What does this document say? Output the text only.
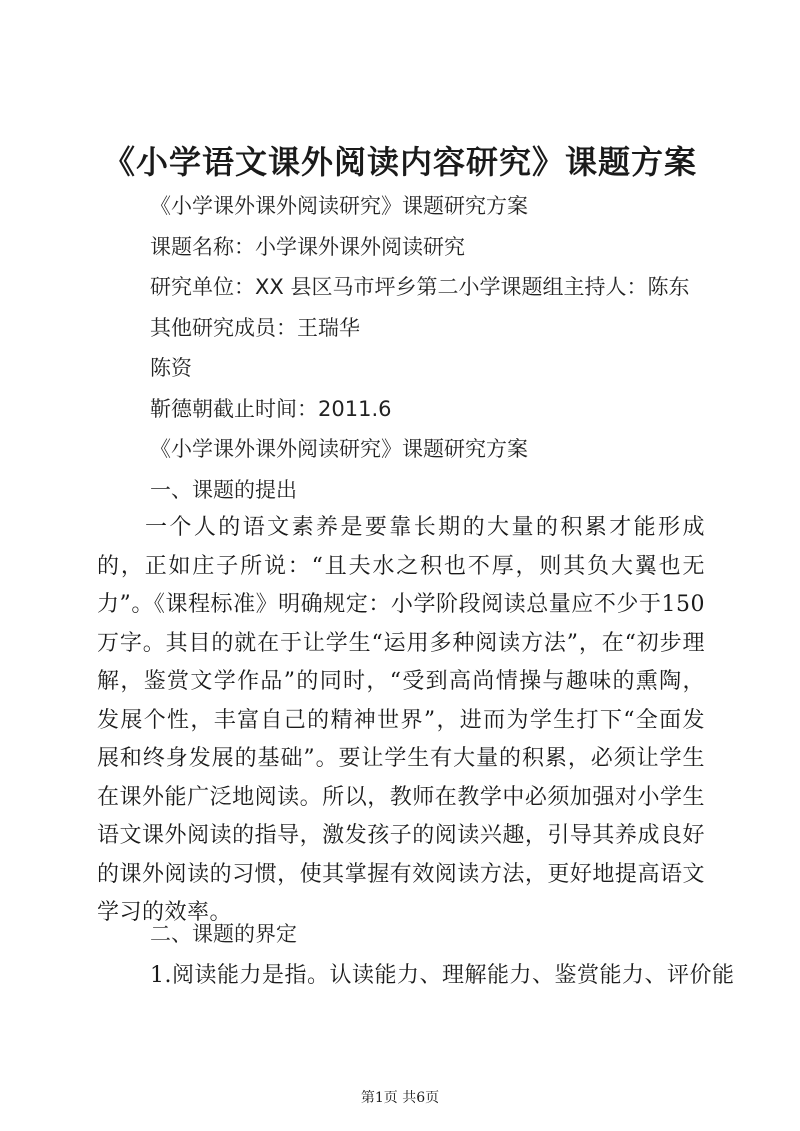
《小学语文课外阅读内容研究》课题方案

《小学课外课外阅读研究》课题研究方案

课题名称：小学课外课外阅读研究

研究单位：XX 县区马市坪乡第二小学课题组主持人：陈东

其他研究成员：王瑞华

陈资

靳德朝截止时间：2011.6

《小学课外课外阅读研究》课题研究方案

一、课题的提出

一个人的语文素养是要靠长期的大量的积累才能形成的，正如庄子所说：“且夫水之积也不厚，则其负大翼也无力”。《课程标准》明确规定：小学阶段阅读总量应不少于150万字。其目的就在于让学生“运用多种阅读方法”，在“初步理解，鉴赏文学作品”的同时，“受到高尚情操与趣味的熏陶，发展个性，丰富自己的精神世界”，进而为学生打下“全面发展和终身发展的基础”。要让学生有大量的积累，必须让学生在课外能广泛地阅读。所以，教师在教学中必须加强对小学生语文课外阅读的指导，激发孩子的阅读兴趣，引导其养成良好的课外阅读的习惯，使其掌握有效阅读方法，更好地提高语文学习的效率。

二、课题的界定

1.阅读能力是指。认读能力、理解能力、鉴赏能力、评价能

第1页 共6页
